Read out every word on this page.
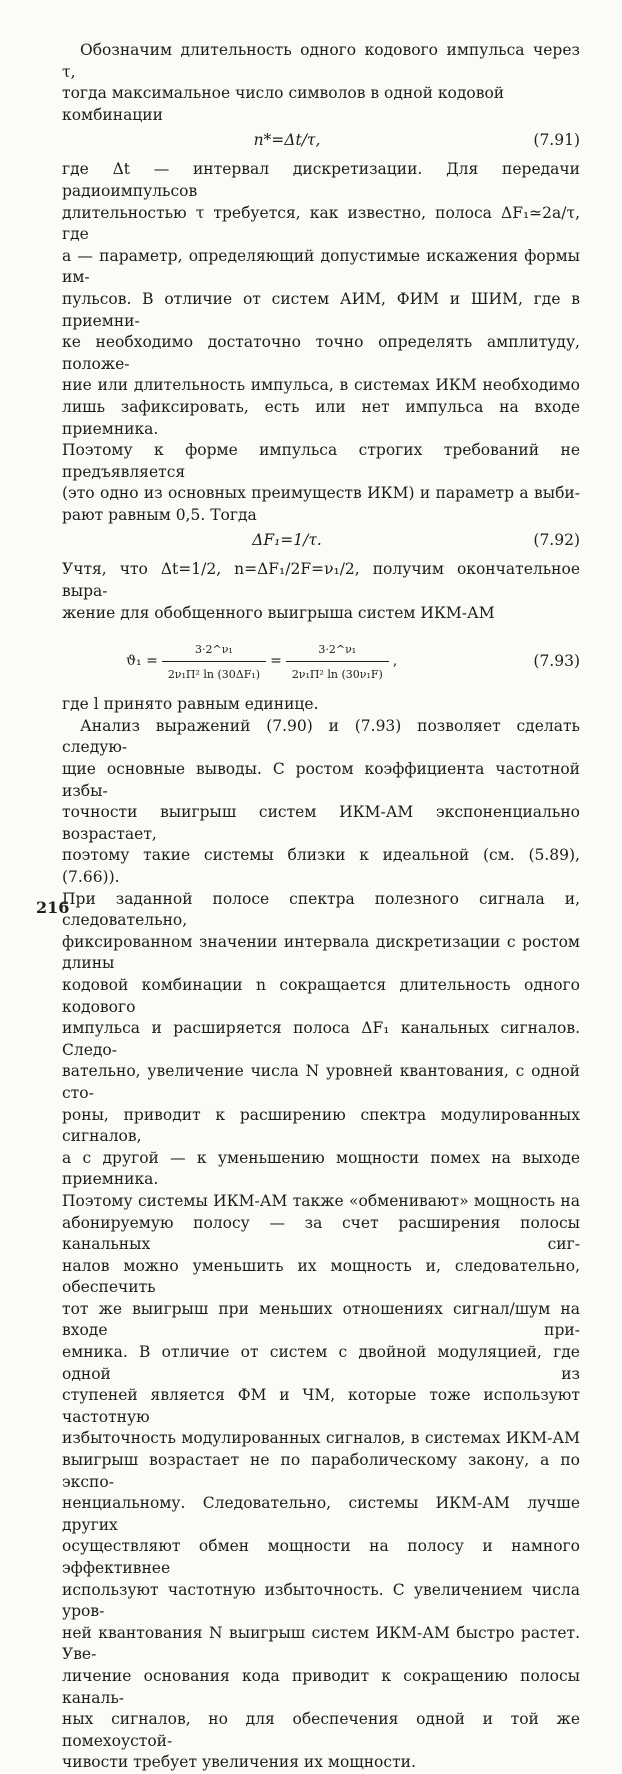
Обозначим длительность одного кодового импульса через τ,
тогда максимальное число символов в одной кодовой комбинации

n*=Δt/τ,	(7.91)

где Δt — интервал дискретизации. Для передачи радиоимпульсов
длительностью τ требуется, как известно, полоса ΔF₁≃2a/τ, где
a — параметр, определяющий допустимые искажения формы им-
пульсов. В отличие от систем АИМ, ФИМ и ШИМ, где в приемни-
ке необходимо достаточно точно определять амплитуду, положе-
ние или длительность импульса, в системах ИКМ необходимо
лишь зафиксировать, есть или нет импульса на входе приемника.
Поэтому к форме импульса строгих требований не предъявляется
(это одно из основных преимуществ ИКМ) и параметр a выби-
рают равным 0,5. Тогда

ΔF₁=1/τ.	(7.92)

Учтя, что Δt=1/2, n=ΔF₁/2F=ν₁/2, получим окончательное выра-
жение для обобщенного выигрыша систем ИКМ-АМ

$ϑ_1 = \frac{\text{3·2\textasciicircum{}ν₁}}{\text{2ν₁Π² ln (30ΔF₁)}} = \frac{\text{3·2\textasciicircum{}ν₁}}{\text{2ν₁Π² ln (30ν₁F)}}$ ,	(7.93)

где l принято равным единице.

Анализ выражений (7.90) и (7.93) позволяет сделать следую-
щие основные выводы. С ростом коэффициента частотной избы-
точности выигрыш систем ИКМ-АМ экспоненциально возрастает,
поэтому такие системы близки к идеальной (см. (5.89), (7.66)).
При заданной полосе спектра полезного сигнала и, следовательно,
фиксированном значении интервала дискретизации с ростом длины
кодовой комбинации n сокращается длительность одного кодового
импульса и расширяется полоса ΔF₁ канальных сигналов. Следо-
вательно, увеличение числа N уровней квантования, с одной сто-
роны, приводит к расширению спектра модулированных сигналов,
а с другой — к уменьшению мощности помех на выходе приемника.
Поэтому системы ИКМ-АМ также «обменивают» мощность на
абонируемую полосу — за счет расширения полосы канальных сиг-
налов можно уменьшить их мощность и, следовательно, обеспечить
тот же выигрыш при меньших отношениях сигнал/шум на входе при-
емника. В отличие от систем с двойной модуляцией, где одной из
ступеней является ФМ и ЧМ, которые тоже используют частотную
избыточность модулированных сигналов, в системах ИКМ-АМ
выигрыш возрастает не по параболическому закону, а по экспо-
ненциальному. Следовательно, системы ИКМ-АМ лучше других
осуществляют обмен мощности на полосу и намного эффективнее
используют частотную избыточность. С увеличением числа уров-
ней квантования N выигрыш систем ИКМ-АМ быстро растет. Уве-
личение основания кода приводит к сокращению полосы каналь-
ных сигналов, но для обеспечения одной и той же помехоустой-
чивости требует увеличения их мощности.

216
